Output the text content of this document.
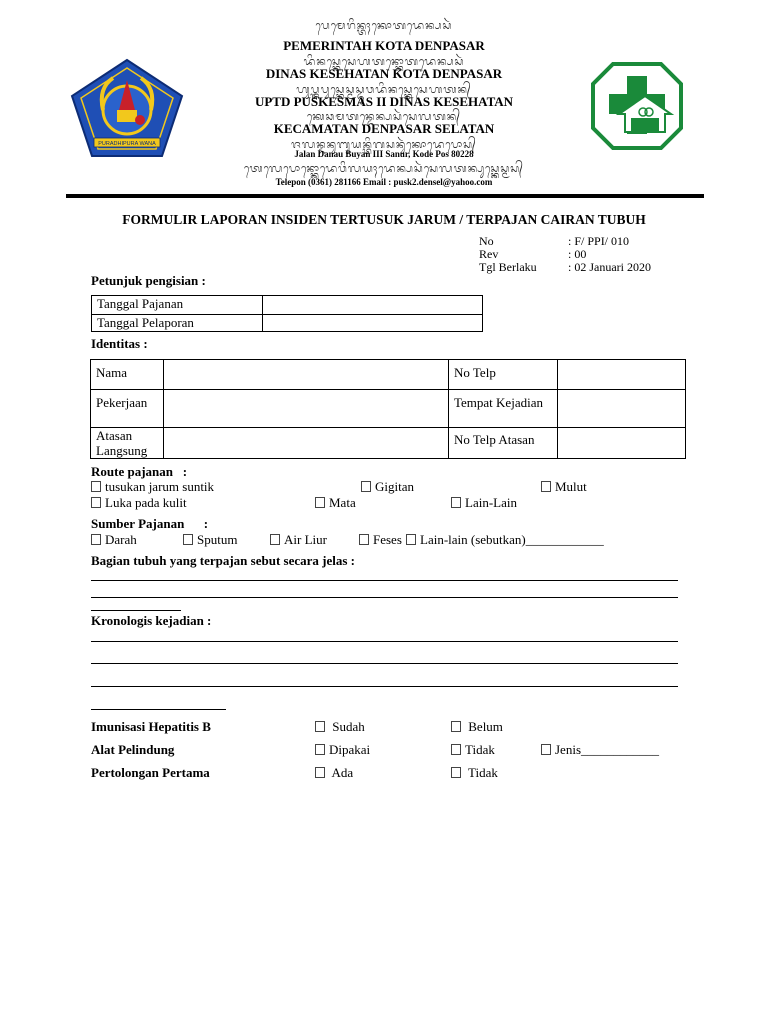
ᬧᬾᬫᬾᬭᬶᬦ᭄ᬢᬄᬓᭀᬢᬤᬾᬦ᭄ᬧᬲᬃ
PEMERINTAH KOTA DENPASAR
ᬤᬶᬦᬲ᭄ᬓᬾᬲᬾᬳᬢᬦ᭄ᬓᭀᬢᬤᬾᬦ᭄ᬧᬲᬃ
DINAS KESEHATAN KOTA DENPASAR
ᬳᬸᬧ᭄ᬢ᭄ᬤᬧᬸᬲ᭄ᬓᬾᬲ᭄ᬫᬲ᭄ᬤᬸᬯᬤᬶᬦᬲ᭄ᬓᬾᬲᬾᬳᬢᬦ᭄
UPTD PUSKESMAS II DINAS KESEHATAN
ᬓᬾᬘᬫᬢᬦ᭄ᬤᬾᬦ᭄ᬧᬲᬃᬲᬾᬮᬢᬦ᭄
KECAMATAN DENPASAR SELATAN
ᬚᬮᬦ᭄ᬤᬦᬸᬩᬸᬬᬦ᭄ᬢᬶᬕᬲᬦᬸᬃᬓᭀᬤᬾᬧᭀᬲ᭄
Jalan Danau Buyan III Sanur, Kode Pos 80228
ᬢᬾᬮᬾᬧᭀᬦ᭄ᬓᭀᬤᬾᬯᬶᬮᬬᬄᬤᬾᬦ᭄ᬧᬲᬃᬲᬾᬮᬢᬦ᭄ᬧᬸᬲ᭄ᬓᬾᬲ᭄ᬫᬲ᭄
Telepon (0361) 281166 Email : pusk2.densel@yahoo.com
PURADHIPURA WANA
FORMULIR LAPORAN INSIDEN TERTUSUK JARUM / TERPAJAN CAIRAN TUBUH
No	: F/ PPI/ 010
Rev	: 00
Tgl Berlaku	: 02 Januari 2020
Petunjuk pengisian :
Tanggal Pajanan	
Tanggal Pelaporan	
Identitas :
Nama		No Telp	
Pekerjaan		Tempat Kejadian	
Atasan Langsung		No Telp Atasan	
Route pajanan   :
tusukan jarum suntik	Gigitan	Mulut
Luka pada kulit	Mata	Lain-Lain
Sumber Pajanan      :
Darah	Sputum	Air Liur	Feses	Lain-lain (sebutkan)____________
Bagian tubuh yang terpajan sebut secara jelas :
Kronologis kejadian :
Imunisasi Hepatitis B	Sudah	Belum
Alat Pelindung	Dipakai	Tidak	Jenis____________
Pertolongan Pertama	Ada	Tidak
